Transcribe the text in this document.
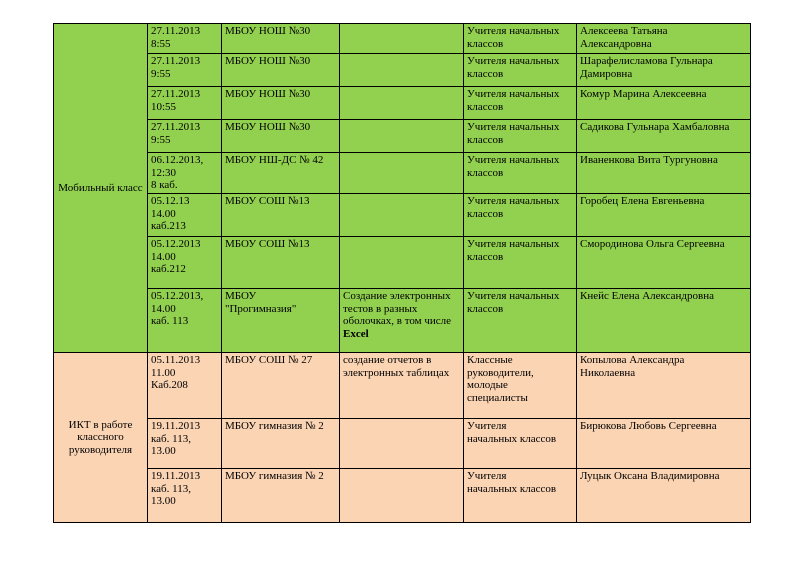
Мобильный класс	27.11.2013
8:55	МБОУ НОШ №30		Учителя начальных
классов	Алексеева Татьяна
Александровна
	27.11.2013
9:55	МБОУ НОШ №30		Учителя начальных
классов	Шарафелисламова Гульнара
Дамировна
	27.11.2013
10:55	МБОУ НОШ №30		Учителя начальных
классов	Комур Марина Алексеевна
	27.11.2013
9:55	МБОУ НОШ №30		Учителя начальных
классов	Садикова Гульнара Хамбаловна
	06.12.2013,
12:30
8 каб.	МБОУ НШ-ДС № 42		Учителя начальных
классов	Иваненкова Вита Тургуновна
	05.12.13
14.00
каб.213	МБОУ СОШ №13		Учителя начальных
классов	Горобец Елена Евгеньевна
	05.12.2013
14.00
каб.212	МБОУ СОШ №13		Учителя начальных
классов	Смородинова Ольга Сергеевна
	05.12.2013,
14.00
каб. 113	МБОУ
"Прогимназия"	Создание электронных
тестов в разных
оболочках, в том числе
Excel	Учителя начальных
классов	Кнейс Елена Александровна
ИКТ в работе
классного
руководителя	05.11.2013
11.00
Каб.208	МБОУ СОШ № 27	создание отчетов в
электронных таблицах	Классные
руководители,
молодые
специалисты	Копылова Александра
Николаевна
	19.11.2013
каб. 113,
13.00	МБОУ гимназия № 2		Учителя
начальных классов	Бирюкова Любовь Сергеевна
	19.11.2013
каб. 113,
13.00	МБОУ гимназия № 2		Учителя
начальных классов	Луцык Оксана Владимировна
